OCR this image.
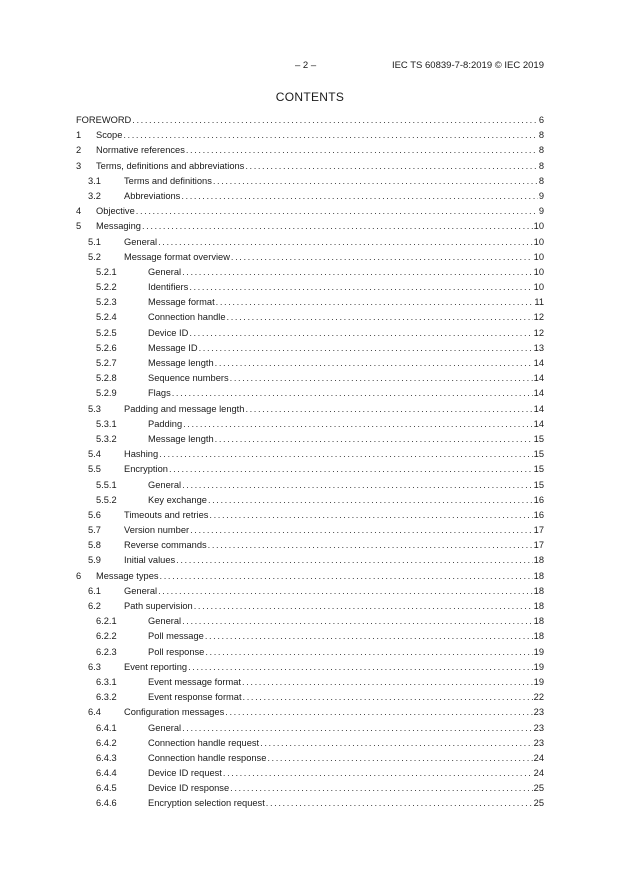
– 2 –	IEC TS 60839-7-8:2019 © IEC 2019
CONTENTS
FOREWORD .....	6
1 Scope .....	8
2 Normative references .....	8
3 Terms, definitions and abbreviations .....	8
3.1 Terms and definitions .....	8
3.2 Abbreviations .....	9
4 Objective .....	9
5 Messaging .....	10
5.1 General .....	10
5.2 Message format overview .....	10
5.2.1	General .....	10
5.2.2	Identifiers .....	10
5.2.3	Message format .....	11
5.2.4	Connection handle .....	12
5.2.5	Device ID .....	12
5.2.6	Message ID .....	13
5.2.7	Message length .....	14
5.2.8	Sequence numbers .....	14
5.2.9	Flags .....	14
5.3 Padding and message length .....	14
5.3.1	Padding .....	14
5.3.2	Message length .....	15
5.4 Hashing .....	15
5.5 Encryption .....	15
5.5.1	General .....	15
5.5.2	Key exchange .....	16
5.6 Timeouts and retries .....	16
5.7 Version number .....	17
5.8 Reverse commands .....	17
5.9 Initial values .....	18
6 Message types .....	18
6.1 General .....	18
6.2 Path supervision .....	18
6.2.1	General .....	18
6.2.2	Poll message .....	18
6.2.3	Poll response .....	19
6.3 Event reporting .....	19
6.3.1	Event message format .....	19
6.3.2	Event response format .....	22
6.4 Configuration messages .....	23
6.4.1	General .....	23
6.4.2	Connection handle request .....	23
6.4.3	Connection handle response .....	24
6.4.4	Device ID request .....	24
6.4.5	Device ID response .....	25
6.4.6	Encryption selection request .....	25
